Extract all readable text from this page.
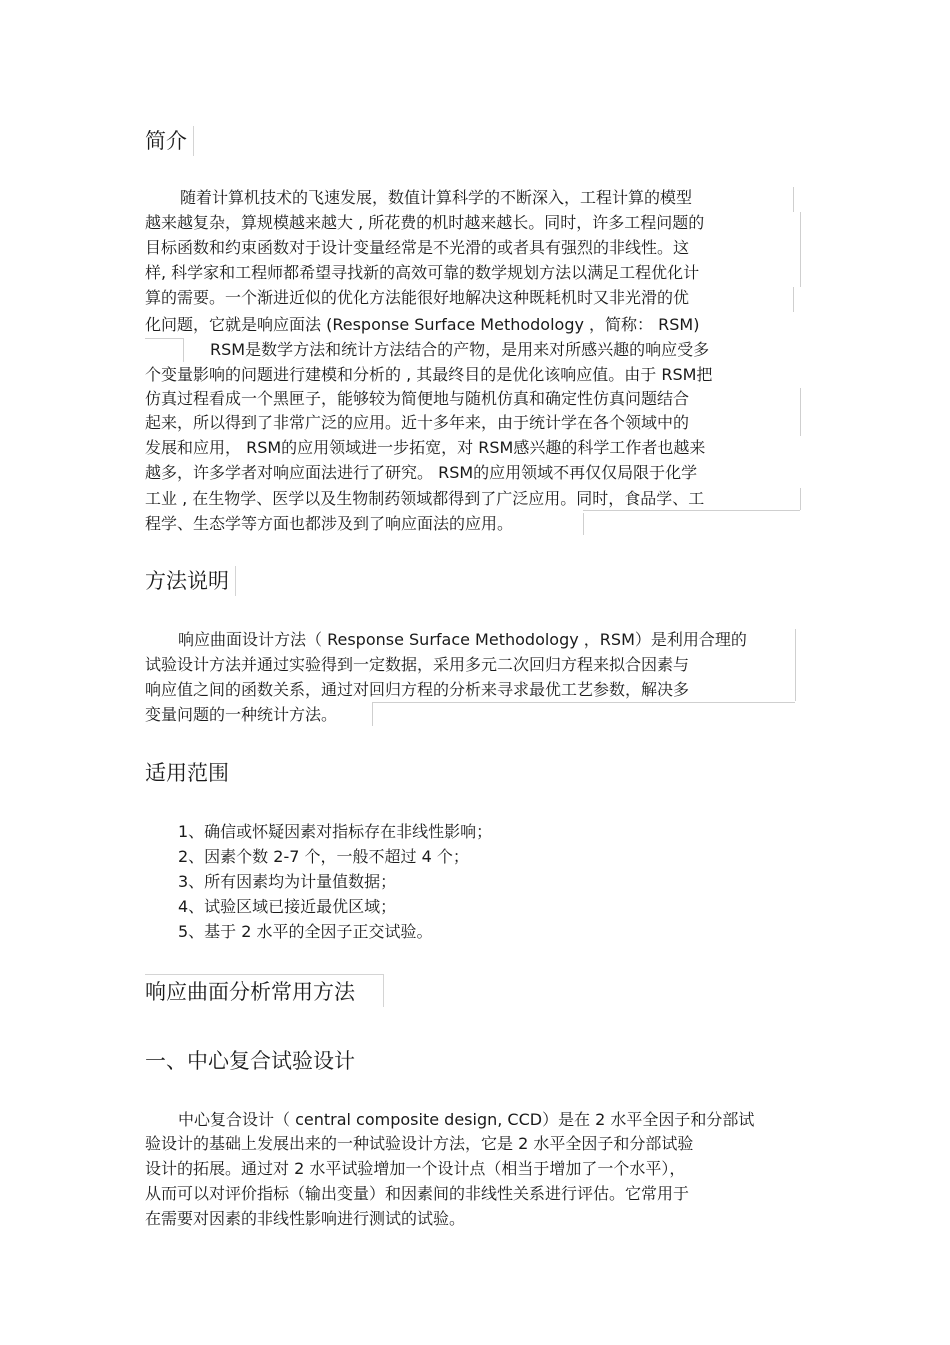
简介
随着计算机技术的飞速发展，数值计算科学的不断深入，工程计算的模型
越来越复杂，算规模越来越大 , 所花费的机时越来越长。同时，许多工程问题的
目标函数和约束函数对于设计变量经常是不光滑的或者具有强烈的非线性。这
样, 科学家和工程师都希望寻找新的高效可靠的数学规划方法以满足工程优化计
算的需要。一个渐进近似的优化方法能很好地解决这种既耗机时又非光滑的优
化问题，它就是响应面法 (Response Surface Methodology ，简称： RSM)
RSM是数学方法和统计方法结合的产物，是用来对所感兴趣的响应受多
个变量影响的问题进行建模和分析的 , 其最终目的是优化该响应值。由于 RSM把
仿真过程看成一个黑匣子，能够较为简便地与随机仿真和确定性仿真问题结合
起来，所以得到了非常广泛的应用。近十多年来，由于统计学在各个领域中的
发展和应用， RSM的应用领域进一步拓宽，对 RSM感兴趣的科学工作者也越来
越多，许多学者对响应面法进行了研究。 RSM的应用领域不再仅仅局限于化学
工业 , 在生物学、医学以及生物制药领域都得到了广泛应用。同时，食品学、工
程学、生态学等方面也都涉及到了响应面法的应用。
方法说明
响应曲面设计方法（ Response Surface Methodology ，RSM）是利用合理的
试验设计方法并通过实验得到一定数据，采用多元二次回归方程来拟合因素与
响应值之间的函数关系，通过对回归方程的分析来寻求最优工艺参数，解决多
变量问题的一种统计方法。
适用范围
1、确信或怀疑因素对指标存在非线性影响；
2、因素个数 2-7 个，一般不超过 4 个；
3、所有因素均为计量值数据；
4、试验区域已接近最优区域；
5、基于 2 水平的全因子正交试验。
响应曲面分析常用方法
一、中心复合试验设计
中心复合设计（ central composite design, CCD）是在 2 水平全因子和分部试
验设计的基础上发展出来的一种试验设计方法，它是 2 水平全因子和分部试验
设计的拓展。通过对 2 水平试验增加一个设计点（相当于增加了一个水平），
从而可以对评价指标（输出变量）和因素间的非线性关系进行评估。它常用于
在需要对因素的非线性影响进行测试的试验。
